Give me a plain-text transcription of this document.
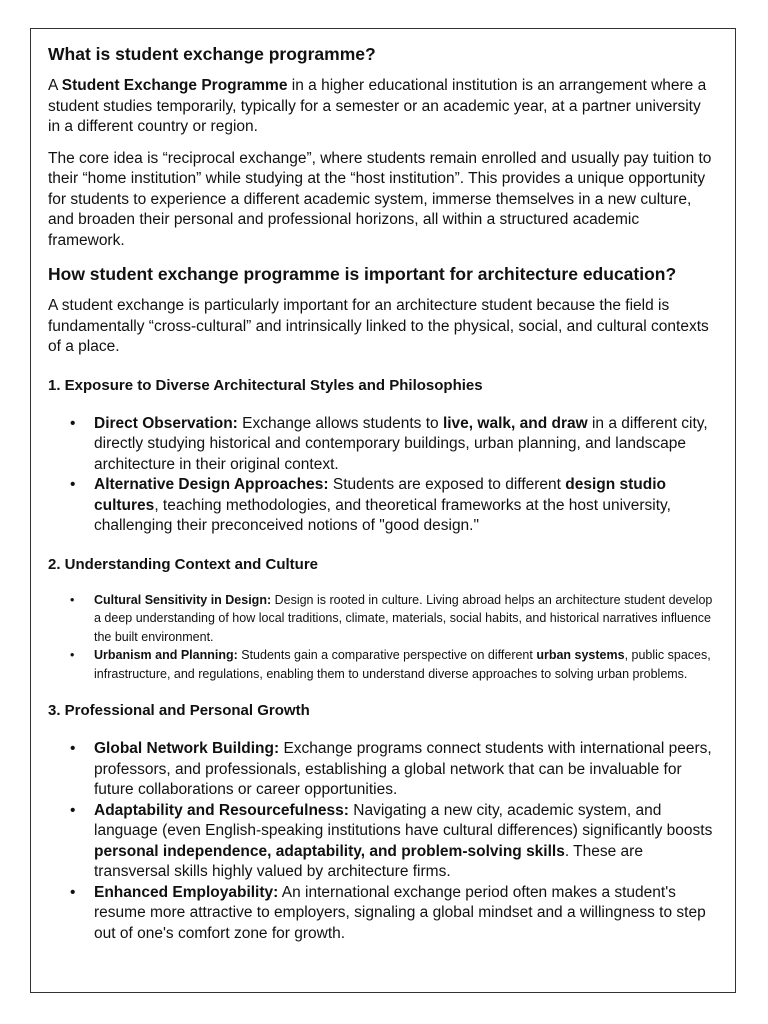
What is student exchange programme?

A Student Exchange Programme in a higher educational institution is an arrangement where a student studies temporarily, typically for a semester or an academic year, at a partner university in a different country or region.

The core idea is “reciprocal exchange”, where students remain enrolled and usually pay tuition to their “home institution” while studying at the “host institution”. This provides a unique opportunity for students to experience a different academic system, immerse themselves in a new culture, and broaden their personal and professional horizons, all within a structured academic framework.

How student exchange programme is important for architecture education?

A student exchange is particularly important for an architecture student because the field is fundamentally “cross-cultural” and intrinsically linked to the physical, social, and cultural contexts of a place.

1. Exposure to Diverse Architectural Styles and Philosophies
• Direct Observation: Exchange allows students to live, walk, and draw in a different city, directly studying historical and contemporary buildings, urban planning, and landscape architecture in their original context.
• Alternative Design Approaches: Students are exposed to different design studio cultures, teaching methodologies, and theoretical frameworks at the host university, challenging their preconceived notions of "good design."
2. Understanding Context and Culture
• Cultural Sensitivity in Design: Design is rooted in culture. Living abroad helps an architecture student develop a deep understanding of how local traditions, climate, materials, social habits, and historical narratives influence the built environment.
• Urbanism and Planning: Students gain a comparative perspective on different urban systems, public spaces, infrastructure, and regulations, enabling them to understand diverse approaches to solving urban problems.
3. Professional and Personal Growth
• Global Network Building: Exchange programs connect students with international peers, professors, and professionals, establishing a global network that can be invaluable for future collaborations or career opportunities.
• Adaptability and Resourcefulness: Navigating a new city, academic system, and language (even English-speaking institutions have cultural differences) significantly boosts personal independence, adaptability, and problem-solving skills. These are transversal skills highly valued by architecture firms.
• Enhanced Employability: An international exchange period often makes a student's resume more attractive to employers, signaling a global mindset and a willingness to step out of one's comfort zone for growth.
